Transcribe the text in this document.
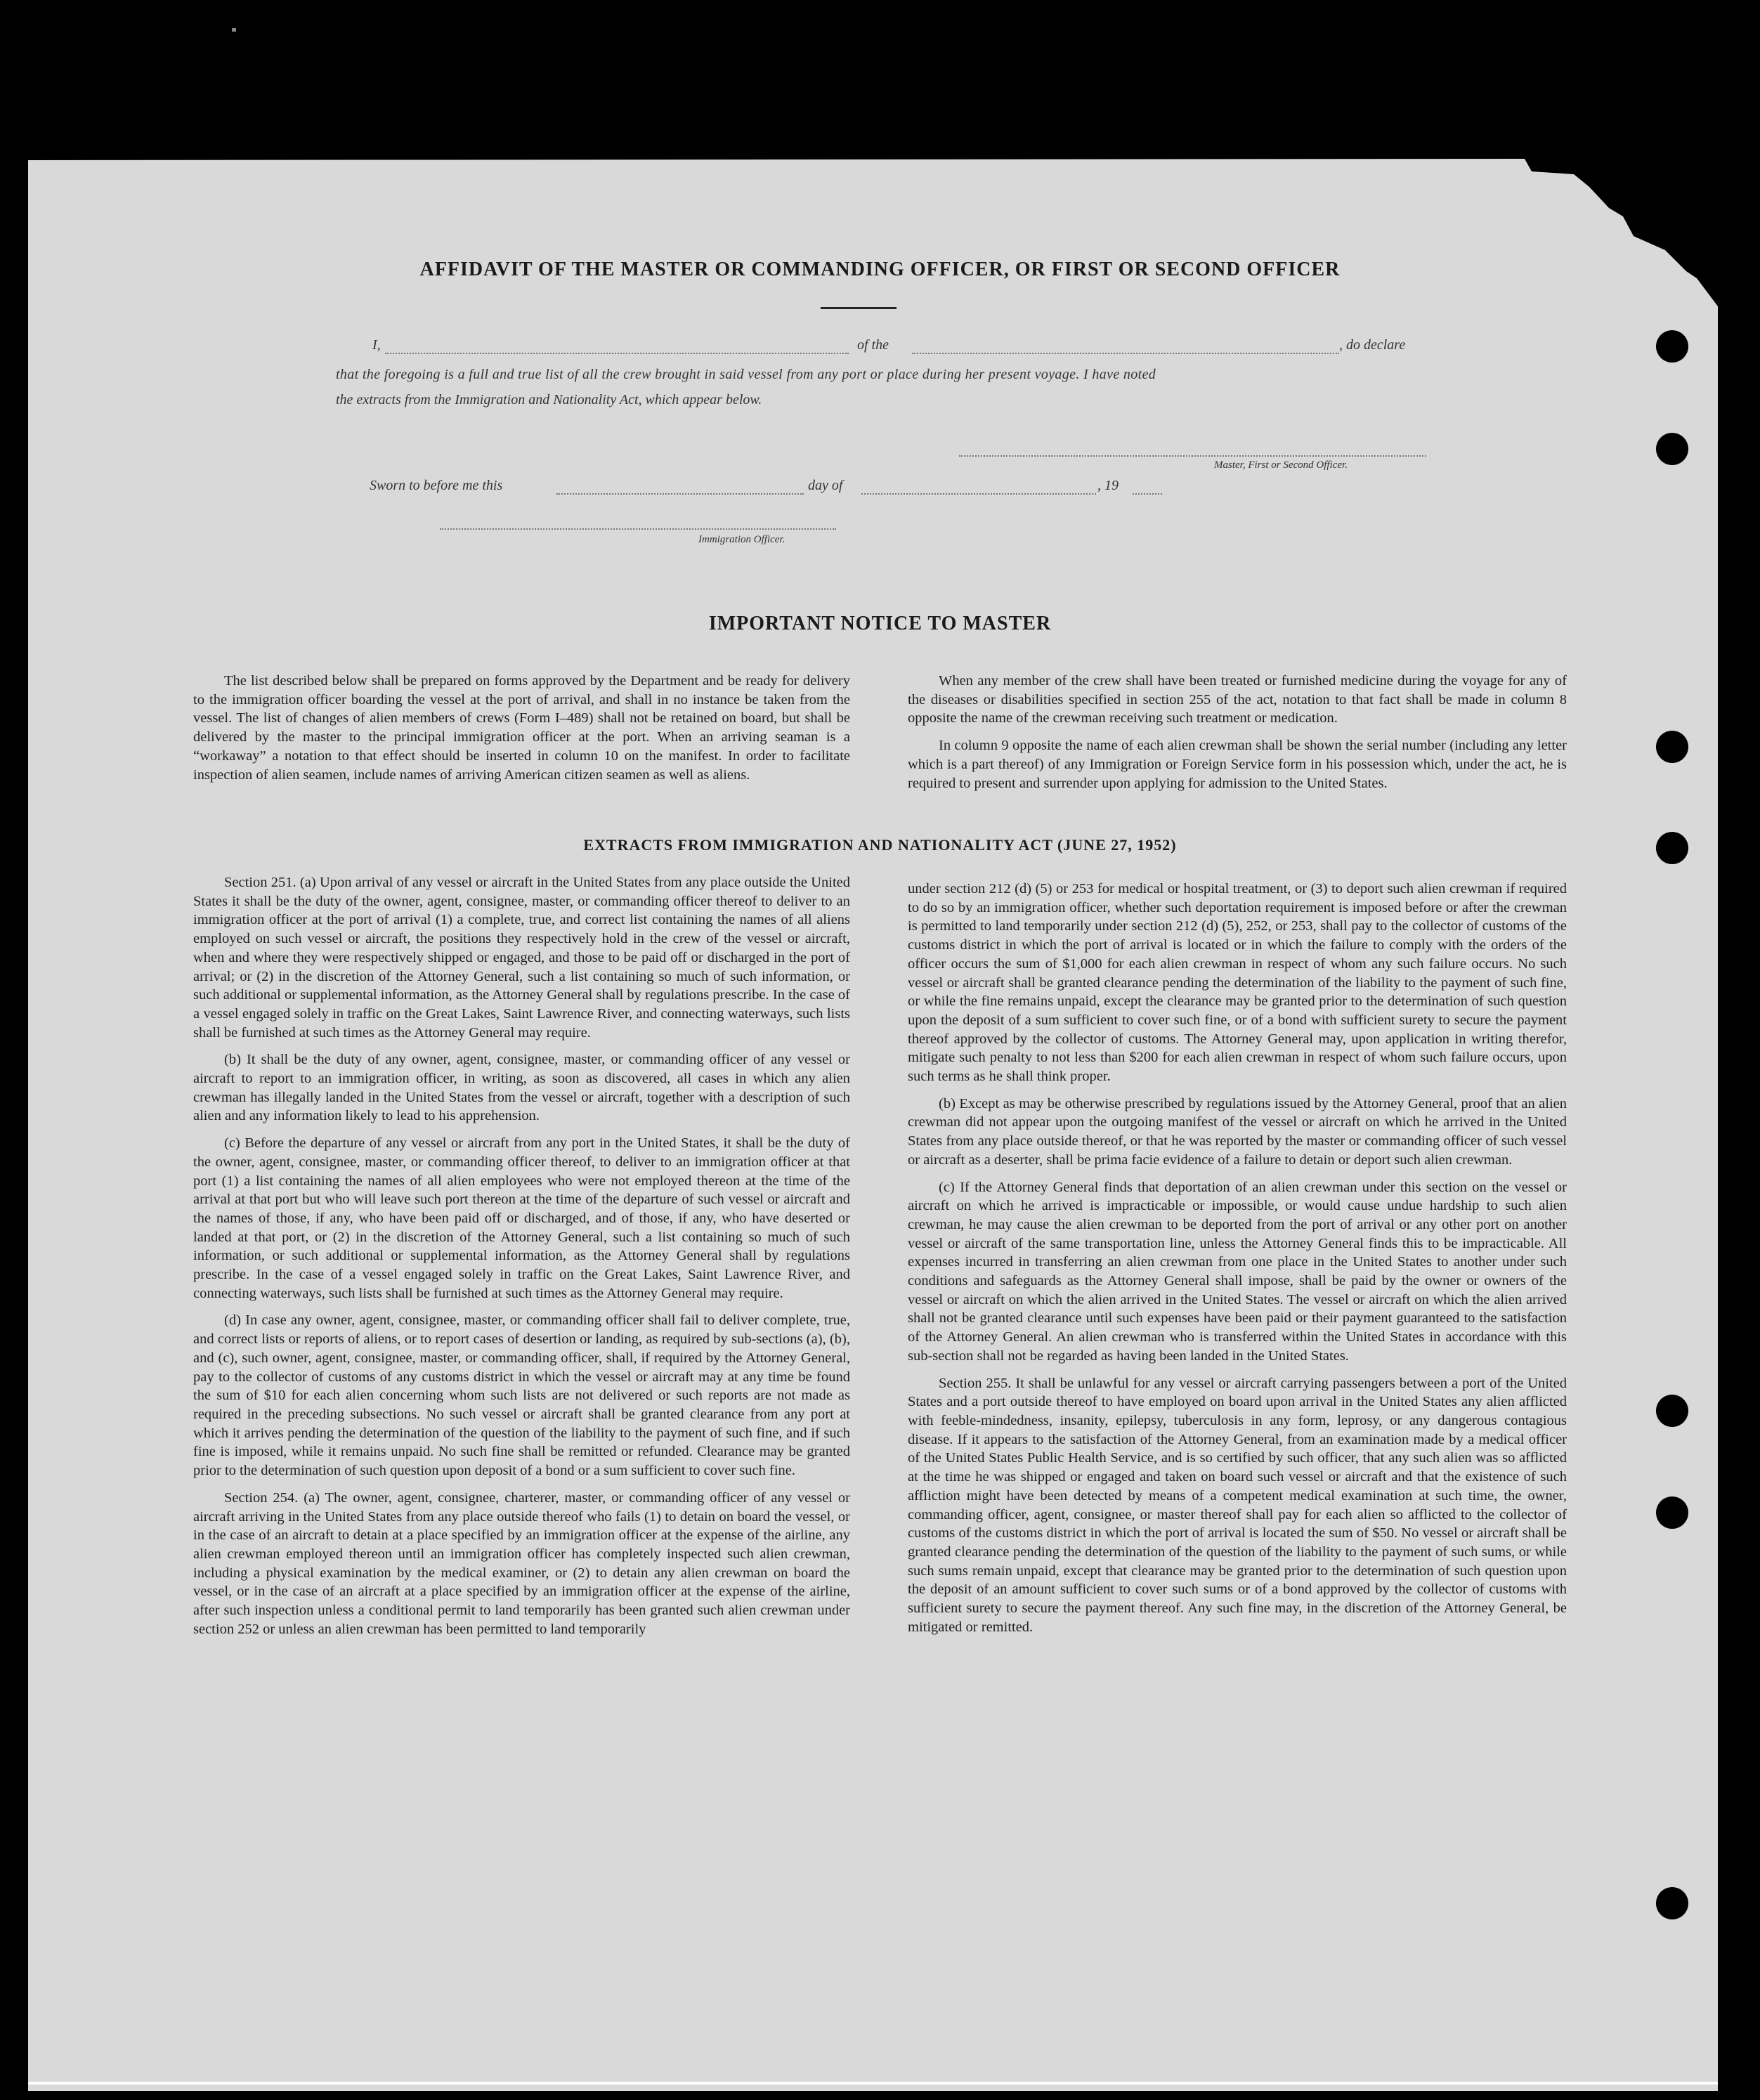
AFFIDAVIT OF THE MASTER OR COMMANDING OFFICER, OR FIRST OR SECOND OFFICER
I,	of the	, do declare
that the foregoing is a full and true list of all the crew brought in said vessel from any port or place during her present voyage. I have noted
the extracts from the Immigration and Nationality Act, which appear below.
Master, First or Second Officer.
Sworn to before me this	day of	, 19
Immigration Officer.
IMPORTANT NOTICE TO MASTER

The list described below shall be prepared on forms approved by the Department and be ready for delivery to the immigration officer boarding the vessel at the port of arrival, and shall in no instance be taken from the vessel. The list of changes of alien members of crews (Form I–489) shall not be retained on board, but shall be delivered by the master to the principal immigration officer at the port. When an arriving seaman is a “workaway” a notation to that effect should be inserted in column 10 on the manifest. In order to facilitate inspection of alien seamen, include names of arriving American citizen seamen as well as aliens.

When any member of the crew shall have been treated or furnished medicine during the voyage for any of the diseases or disabilities specified in section 255 of the act, notation to that fact shall be made in column 8 opposite the name of the crewman receiving such treatment or medication.

In column 9 opposite the name of each alien crewman shall be shown the serial number (including any letter which is a part thereof) of any Immigration or Foreign Service form in his possession which, under the act, he is required to present and surrender upon applying for admission to the United States.

EXTRACTS FROM IMMIGRATION AND NATIONALITY ACT (JUNE 27, 1952)

Section 251. (a) Upon arrival of any vessel or aircraft in the United States from any place outside the United States it shall be the duty of the owner, agent, consignee, master, or commanding officer thereof to deliver to an immigration officer at the port of arrival (1) a complete, true, and correct list containing the names of all aliens employed on such vessel or aircraft, the positions they respectively hold in the crew of the vessel or aircraft, when and where they were respectively shipped or engaged, and those to be paid off or discharged in the port of arrival; or (2) in the discretion of the Attorney General, such a list containing so much of such information, or such additional or supplemental information, as the Attorney General shall by regulations prescribe. In the case of a vessel engaged solely in traffic on the Great Lakes, Saint Lawrence River, and connecting waterways, such lists shall be furnished at such times as the Attorney General may require.

(b) It shall be the duty of any owner, agent, consignee, master, or commanding officer of any vessel or aircraft to report to an immigration officer, in writing, as soon as discovered, all cases in which any alien crewman has illegally landed in the United States from the vessel or aircraft, together with a description of such alien and any information likely to lead to his apprehension.

(c) Before the departure of any vessel or aircraft from any port in the United States, it shall be the duty of the owner, agent, consignee, master, or commanding officer thereof, to deliver to an immigration officer at that port (1) a list containing the names of all alien employees who were not employed thereon at the time of the arrival at that port but who will leave such port thereon at the time of the departure of such vessel or aircraft and the names of those, if any, who have been paid off or discharged, and of those, if any, who have deserted or landed at that port, or (2) in the discretion of the Attorney General, such a list containing so much of such information, or such additional or supplemental information, as the Attorney General shall by regulations prescribe. In the case of a vessel engaged solely in traffic on the Great Lakes, Saint Lawrence River, and connecting waterways, such lists shall be furnished at such times as the Attorney General may require.

(d) In case any owner, agent, consignee, master, or commanding officer shall fail to deliver complete, true, and correct lists or reports of aliens, or to report cases of desertion or landing, as required by sub-sections (a), (b), and (c), such owner, agent, consignee, master, or commanding officer, shall, if required by the Attorney General, pay to the collector of customs of any customs district in which the vessel or aircraft may at any time be found the sum of $10 for each alien concerning whom such lists are not delivered or such reports are not made as required in the preceding subsections. No such vessel or aircraft shall be granted clearance from any port at which it arrives pending the determination of the question of the liability to the payment of such fine, and if such fine is imposed, while it remains unpaid. No such fine shall be remitted or refunded. Clearance may be granted prior to the determination of such question upon deposit of a bond or a sum sufficient to cover such fine.

Section 254. (a) The owner, agent, consignee, charterer, master, or commanding officer of any vessel or aircraft arriving in the United States from any place outside thereof who fails (1) to detain on board the vessel, or in the case of an aircraft to detain at a place specified by an immigration officer at the expense of the airline, any alien crewman employed thereon until an immigration officer has completely inspected such alien crewman, including a physical examination by the medical examiner, or (2) to detain any alien crewman on board the vessel, or in the case of an aircraft at a place specified by an immigration officer at the expense of the airline, after such inspection unless a conditional permit to land temporarily has been granted such alien crewman under section 252 or unless an alien crewman has been permitted to land temporarily

under section 212 (d) (5) or 253 for medical or hospital treatment, or (3) to deport such alien crewman if required to do so by an immigration officer, whether such deportation requirement is imposed before or after the crewman is permitted to land temporarily under section 212 (d) (5), 252, or 253, shall pay to the collector of customs of the customs district in which the port of arrival is located or in which the failure to comply with the orders of the officer occurs the sum of $1,000 for each alien crewman in respect of whom any such failure occurs. No such vessel or aircraft shall be granted clearance pending the determination of the liability to the payment of such fine, or while the fine remains unpaid, except the clearance may be granted prior to the determination of such question upon the deposit of a sum sufficient to cover such fine, or of a bond with sufficient surety to secure the payment thereof approved by the collector of customs. The Attorney General may, upon application in writing therefor, mitigate such penalty to not less than $200 for each alien crewman in respect of whom such failure occurs, upon such terms as he shall think proper.

(b) Except as may be otherwise prescribed by regulations issued by the Attorney General, proof that an alien crewman did not appear upon the outgoing manifest of the vessel or aircraft on which he arrived in the United States from any place outside thereof, or that he was reported by the master or commanding officer of such vessel or aircraft as a deserter, shall be prima facie evidence of a failure to detain or deport such alien crewman.

(c) If the Attorney General finds that deportation of an alien crewman under this section on the vessel or aircraft on which he arrived is impracticable or impossible, or would cause undue hardship to such alien crewman, he may cause the alien crewman to be deported from the port of arrival or any other port on another vessel or aircraft of the same transportation line, unless the Attorney General finds this to be impracticable. All expenses incurred in transferring an alien crewman from one place in the United States to another under such conditions and safeguards as the Attorney General shall impose, shall be paid by the owner or owners of the vessel or aircraft on which the alien arrived in the United States. The vessel or aircraft on which the alien arrived shall not be granted clearance until such expenses have been paid or their payment guaranteed to the satisfaction of the Attorney General. An alien crewman who is transferred within the United States in accordance with this sub-section shall not be regarded as having been landed in the United States.

Section 255. It shall be unlawful for any vessel or aircraft carrying passengers between a port of the United States and a port outside thereof to have employed on board upon arrival in the United States any alien afflicted with feeble-mindedness, insanity, epilepsy, tuberculosis in any form, leprosy, or any dangerous contagious disease. If it appears to the satisfaction of the Attorney General, from an examination made by a medical officer of the United States Public Health Service, and is so certified by such officer, that any such alien was so afflicted at the time he was shipped or engaged and taken on board such vessel or aircraft and that the existence of such affliction might have been detected by means of a competent medical examination at such time, the owner, commanding officer, agent, consignee, or master thereof shall pay for each alien so afflicted to the collector of customs of the customs district in which the port of arrival is located the sum of $50. No vessel or aircraft shall be granted clearance pending the determination of the question of the liability to the payment of such sums, or while such sums remain unpaid, except that clearance may be granted prior to the determination of such question upon the deposit of an amount sufficient to cover such sums or of a bond approved by the collector of customs with sufficient surety to secure the payment thereof. Any such fine may, in the discretion of the Attorney General, be mitigated or remitted.
